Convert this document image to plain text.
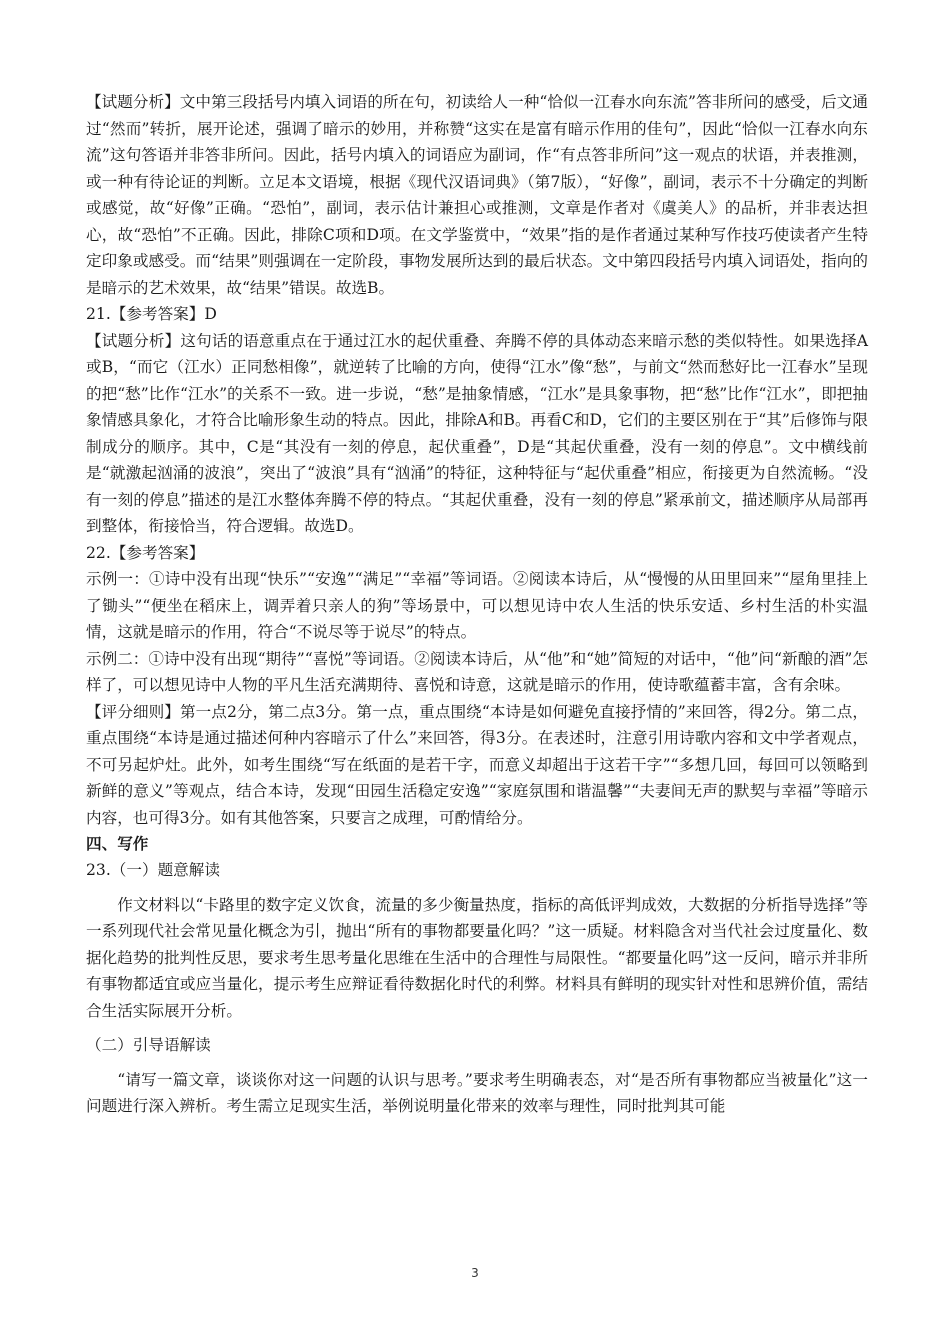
【试题分析】文中第三段括号内填入词语的所在句，初读给人一种“恰似一江春水向东流”答非所问的感受，后文通过“然而”转折，展开论述，强调了暗示的妙用，并称赞“这实在是富有暗示作用的佳句”，因此“恰似一江春水向东流”这句答语并非答非所问。因此，括号内填入的词语应为副词，作“有点答非所问”这一观点的状语，并表推测，或一种有待论证的判断。立足本文语境，根据《现代汉语词典》（第7版），“好像”，副词，表示不十分确定的判断或感觉，故“好像”正确。“恐怕”，副词，表示估计兼担心或推测，文章是作者对《虞美人》的品析，并非表达担心，故“恐怕”不正确。因此，排除C项和D项。在文学鉴赏中，“效果”指的是作者通过某种写作技巧使读者产生特定印象或感受。而“结果”则强调在一定阶段，事物发展所达到的最后状态。文中第四段括号内填入词语处，指向的是暗示的艺术效果，故“结果”错误。故选B。

21.【参考答案】D

【试题分析】这句话的语意重点在于通过江水的起伏重叠、奔腾不停的具体动态来暗示愁的类似特性。如果选择A或B，“而它（江水）正同愁相像”，就逆转了比喻的方向，使得“江水”像“愁”，与前文“然而愁好比一江春水”呈现的把“愁”比作“江水”的关系不一致。进一步说，“愁”是抽象情感，“江水”是具象事物，把“愁”比作“江水”，即把抽象情感具象化，才符合比喻形象生动的特点。因此，排除A和B。再看C和D，它们的主要区别在于“其”后修饰与限制成分的顺序。其中，C是“其没有一刻的停息，起伏重叠”，D是“其起伏重叠，没有一刻的停息”。文中横线前是“就激起汹涌的波浪”，突出了“波浪”具有“汹涌”的特征，这种特征与“起伏重叠”相应，衔接更为自然流畅。“没有一刻的停息”描述的是江水整体奔腾不停的特点。“其起伏重叠，没有一刻的停息”紧承前文，描述顺序从局部再到整体，衔接恰当，符合逻辑。故选D。

22.【参考答案】

示例一：①诗中没有出现“快乐”“安逸”“满足”“幸福”等词语。②阅读本诗后，从“慢慢的从田里回来”“屋角里挂上了锄头”“便坐在稻床上，调弄着只亲人的狗”等场景中，可以想见诗中农人生活的快乐安适、乡村生活的朴实温情，这就是暗示的作用，符合“不说尽等于说尽”的特点。

示例二：①诗中没有出现“期待”“喜悦”等词语。②阅读本诗后，从“他”和“她”简短的对话中，“他”问“新酿的酒”怎样了，可以想见诗中人物的平凡生活充满期待、喜悦和诗意，这就是暗示的作用，使诗歌蕴蓄丰富，含有余味。

【评分细则】第一点2分，第二点3分。第一点，重点围绕“本诗是如何避免直接抒情的”来回答，得2分。第二点，重点围绕“本诗是通过描述何种内容暗示了什么”来回答，得3分。在表述时，注意引用诗歌内容和文中学者观点，不可另起炉灶。此外，如考生围绕“写在纸面的是若干字，而意义却超出于这若干字”“多想几回，每回可以领略到新鲜的意义”等观点，结合本诗，发现“田园生活稳定安逸”“家庭氛围和谐温馨”“夫妻间无声的默契与幸福”等暗示内容，也可得3分。如有其他答案，只要言之成理，可酌情给分。

四、写作

23.（一）题意解读

作文材料以“卡路里的数字定义饮食，流量的多少衡量热度，指标的高低评判成效，大数据的分析指导选择”等一系列现代社会常见量化概念为引，抛出“所有的事物都要量化吗？”这一质疑。材料隐含对当代社会过度量化、数据化趋势的批判性反思，要求考生思考量化思维在生活中的合理性与局限性。“都要量化吗”这一反问，暗示并非所有事物都适宜或应当量化，提示考生应辩证看待数据化时代的利弊。材料具有鲜明的现实针对性和思辨价值，需结合生活实际展开分析。

（二）引导语解读

“请写一篇文章，谈谈你对这一问题的认识与思考。”要求考生明确表态，对“是否所有事物都应当被量化”这一问题进行深入辨析。考生需立足现实生活，举例说明量化带来的效率与理性，同时批判其可能

3
